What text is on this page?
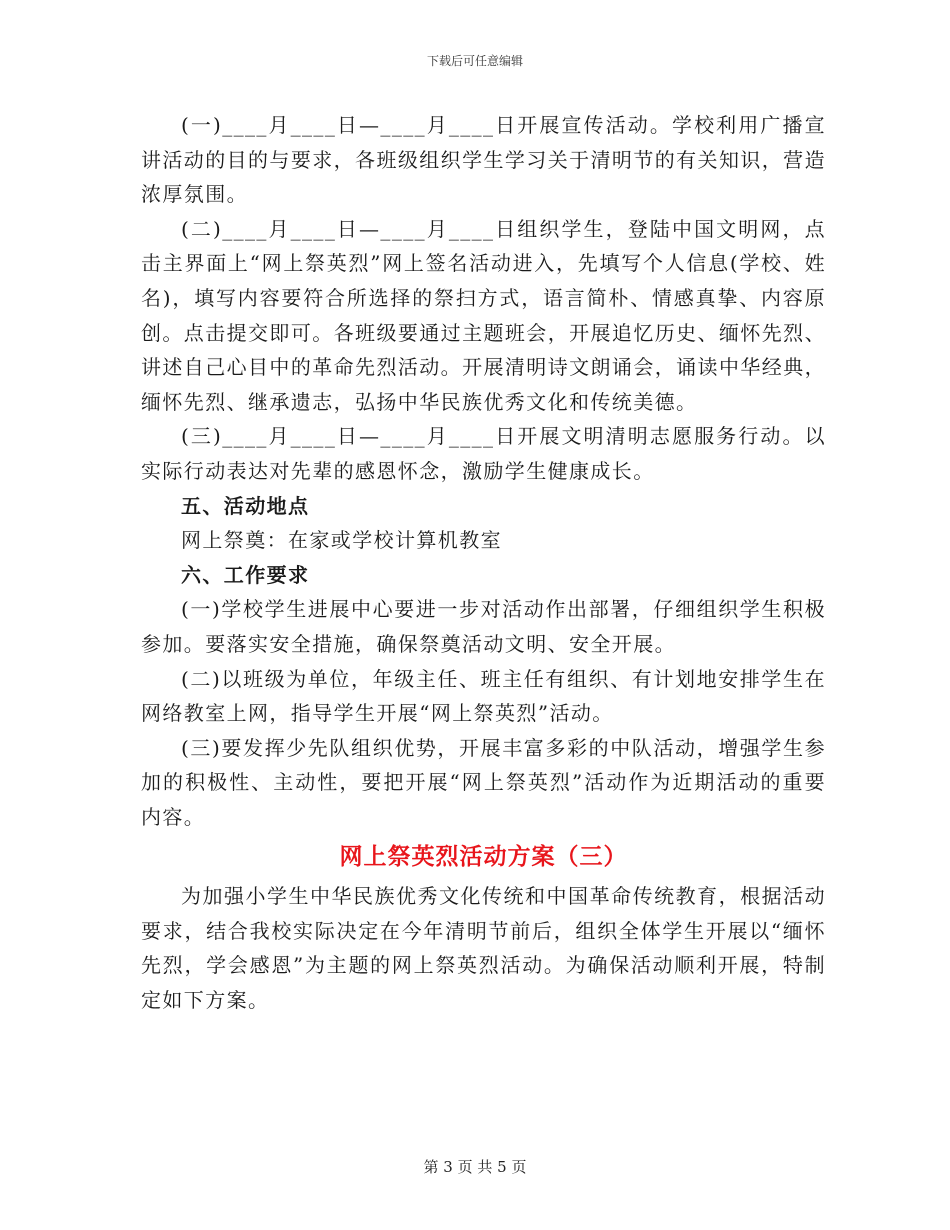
下载后可任意编辑

(一)____月____日—____月____日开展宣传活动。学校利用广播宣讲活动的目的与要求，各班级组织学生学习关于清明节的有关知识，营造浓厚氛围。

(二)____月____日—____月____日组织学生，登陆中国文明网，点击主界面上“网上祭英烈”网上签名活动进入，先填写个人信息(学校、姓名)，填写内容要符合所选择的祭扫方式，语言简朴、情感真挚、内容原创。点击提交即可。各班级要通过主题班会，开展追忆历史、缅怀先烈、讲述自己心目中的革命先烈活动。开展清明诗文朗诵会，诵读中华经典，缅怀先烈、继承遗志，弘扬中华民族优秀文化和传统美德。

(三)____月____日—____月____日开展文明清明志愿服务行动。以实际行动表达对先辈的感恩怀念，激励学生健康成长。

五、活动地点

网上祭奠：在家或学校计算机教室

六、工作要求

(一)学校学生进展中心要进一步对活动作出部署，仔细组织学生积极参加。要落实安全措施，确保祭奠活动文明、安全开展。

(二)以班级为单位，年级主任、班主任有组织、有计划地安排学生在网络教室上网，指导学生开展“网上祭英烈”活动。

(三)要发挥少先队组织优势，开展丰富多彩的中队活动，增强学生参加的积极性、主动性，要把开展“网上祭英烈”活动作为近期活动的重要内容。

网上祭英烈活动方案（三）

为加强小学生中华民族优秀文化传统和中国革命传统教育，根据活动要求，结合我校实际决定在今年清明节前后，组织全体学生开展以“缅怀先烈，学会感恩”为主题的网上祭英烈活动。为确保活动顺利开展，特制定如下方案。

第 3 页 共 5 页
